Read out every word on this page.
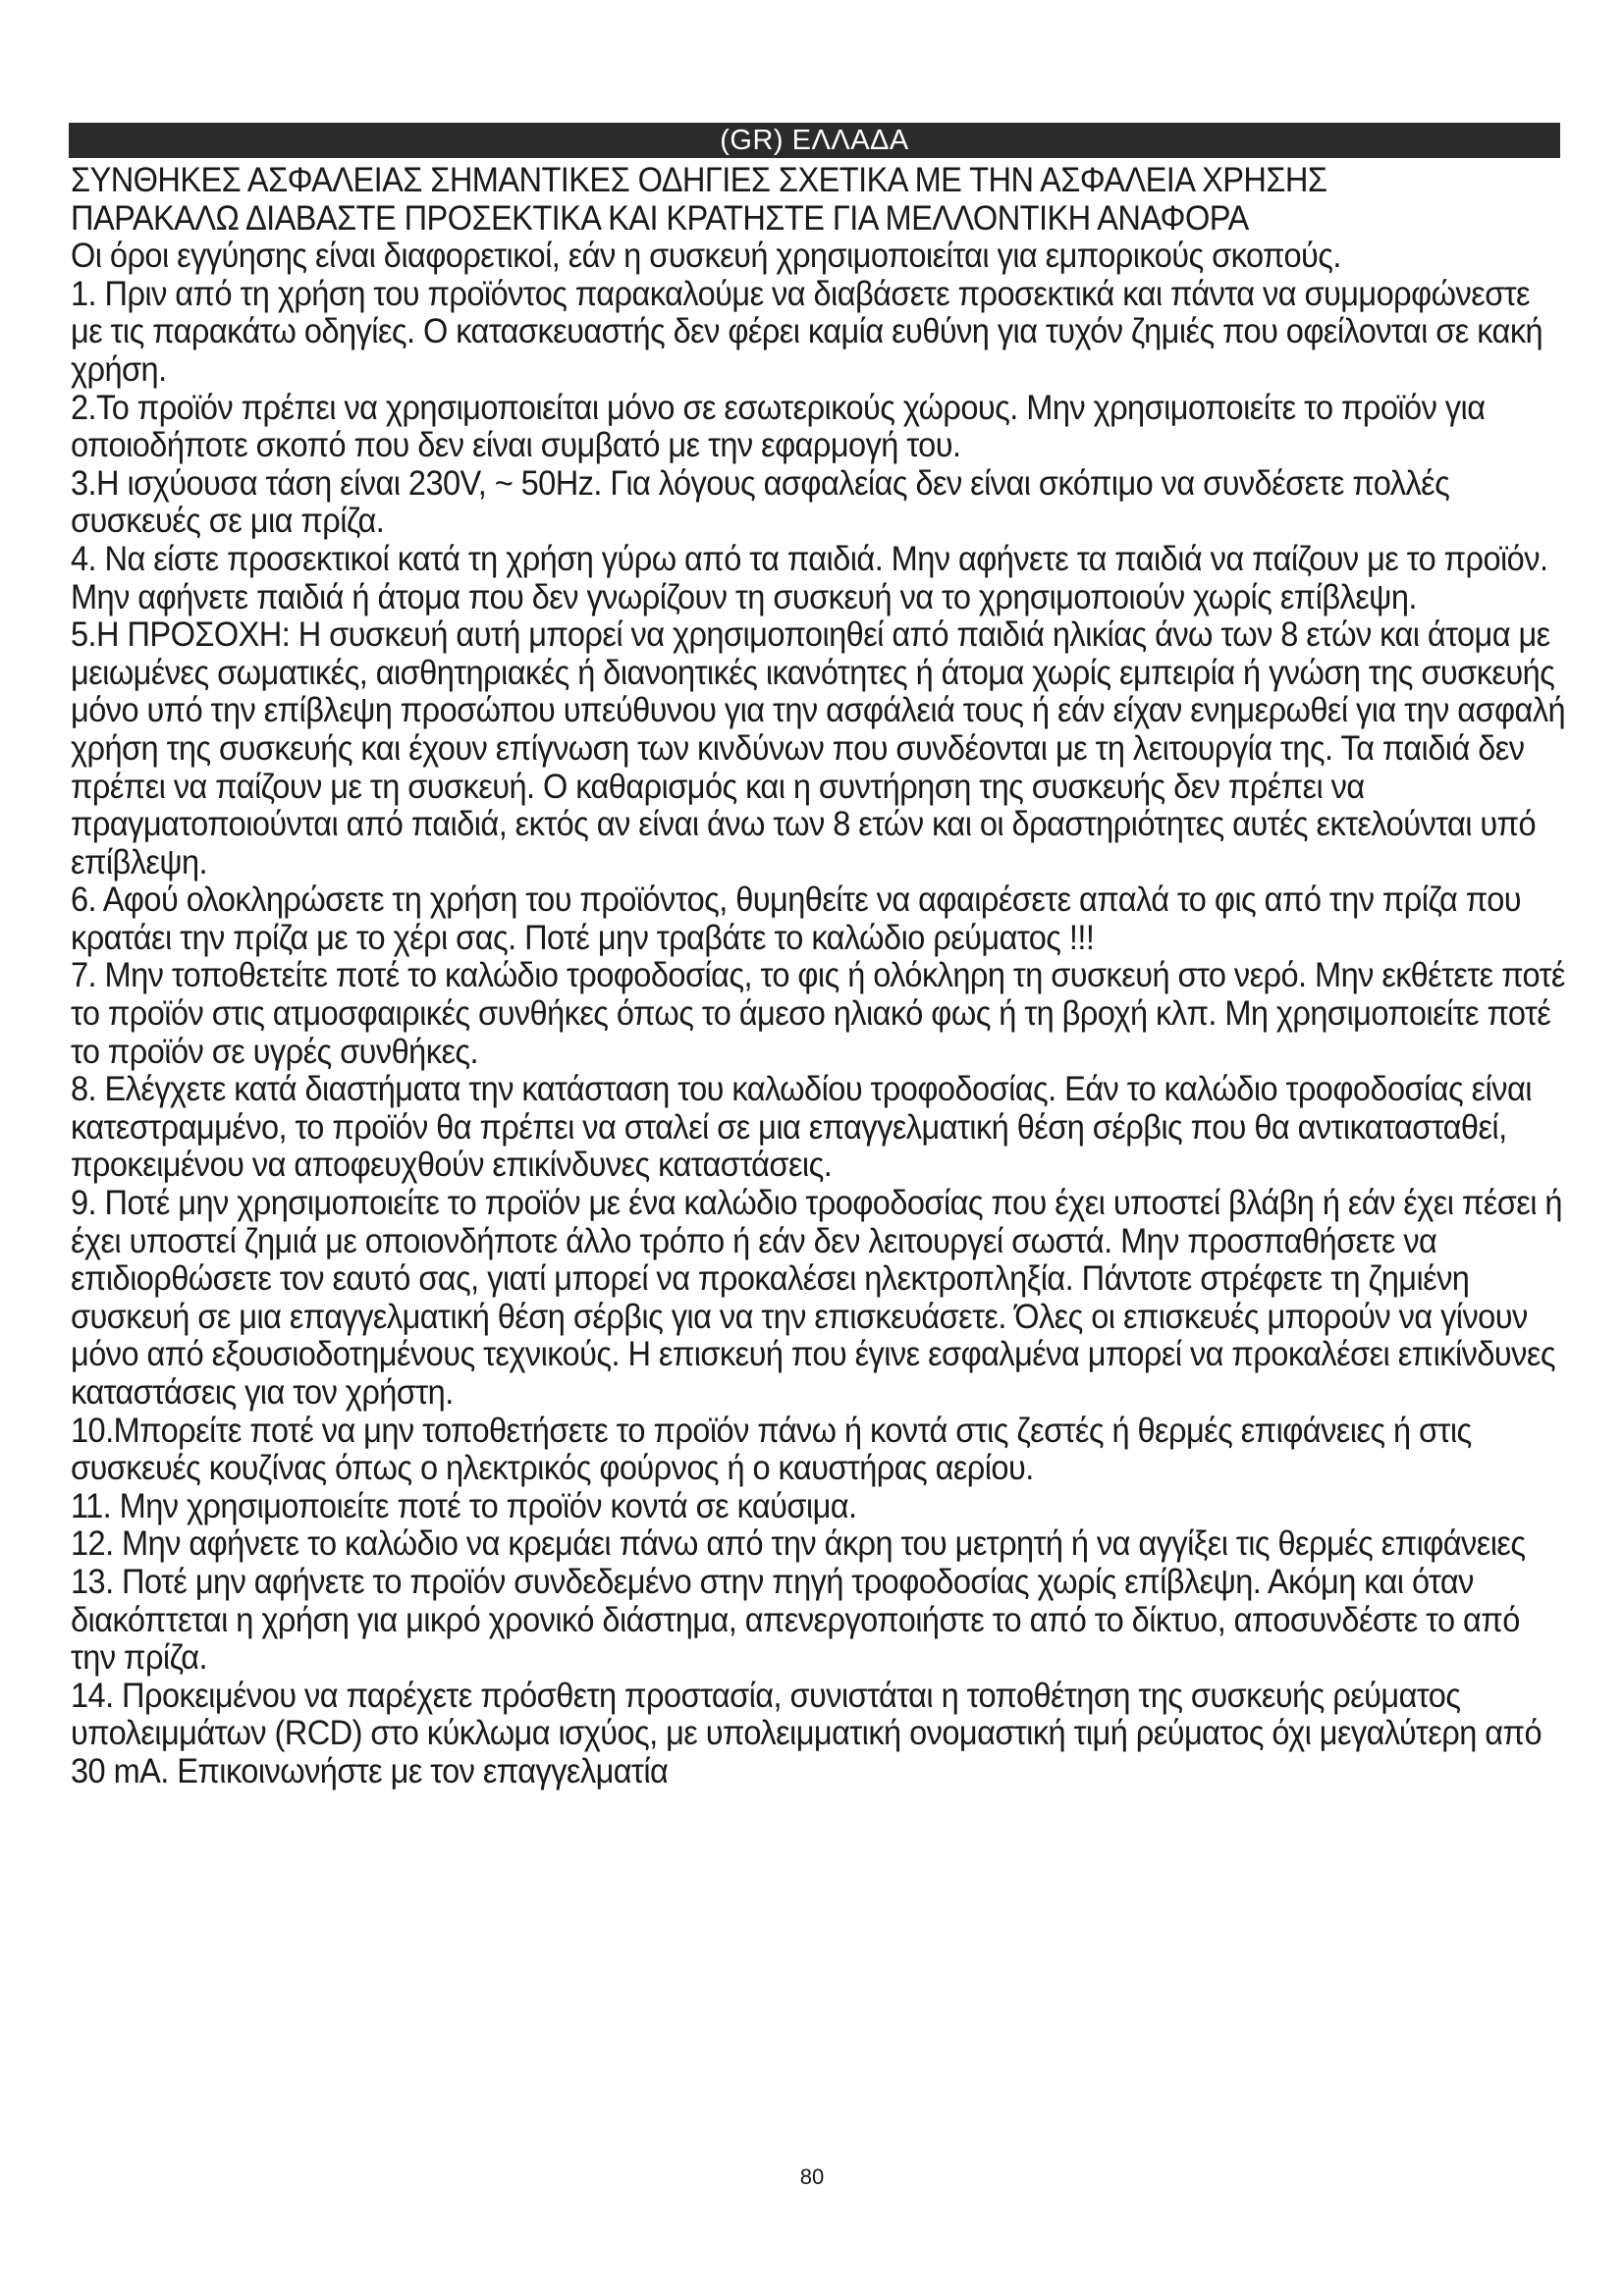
(GR) ΕΛΛΑΔΑ

ΣΥΝΘΗΚΕΣ ΑΣΦΑΛΕΙΑΣ ΣΗΜΑΝΤΙΚΕΣ ΟΔΗΓΙΕΣ ΣΧΕΤΙΚΑ ΜΕ ΤΗΝ ΑΣΦΑΛΕΙΑ ΧΡΗΣΗΣ

ΠΑΡΑΚΑΛΩ ΔΙΑΒΑΣΤΕ ΠΡΟΣΕΚΤΙΚΑ ΚΑΙ ΚΡΑΤΗΣΤΕ ΓΙΑ ΜΕΛΛΟΝΤΙΚΗ ΑΝΑΦΟΡΑ

Οι όροι εγγύησης είναι διαφορετικοί, εάν η συσκευή χρησιμοποιείται για εμπορικούς σκοπούς.

1. Πριν από τη χρήση του προϊόντος παρακαλούμε να διαβάσετε προσεκτικά και πάντα να συμμορφώνεστε με τις παρακάτω οδηγίες. Ο κατασκευαστής δεν φέρει καμία ευθύνη για τυχόν ζημιές που οφείλονται σε κακή χρήση.

2.Το προϊόν πρέπει να χρησιμοποιείται μόνο σε εσωτερικούς χώρους. Μην χρησιμοποιείτε το προϊόν για οποιοδήποτε σκοπό που δεν είναι συμβατό με την εφαρμογή του.

3.Η ισχύουσα τάση είναι 230V, ~ 50Hz. Για λόγους ασφαλείας δεν είναι σκόπιμο να συνδέσετε πολλές συσκευές σε μια πρίζα.

4. Να είστε προσεκτικοί κατά τη χρήση γύρω από τα παιδιά. Μην αφήνετε τα παιδιά να παίζουν με το προϊόν. Μην αφήνετε παιδιά ή άτομα που δεν γνωρίζουν τη συσκευή να το χρησιμοποιούν χωρίς επίβλεψη.

5.Η ΠΡΟΣΟΧΗ: Η συσκευή αυτή μπορεί να χρησιμοποιηθεί από παιδιά ηλικίας άνω των 8 ετών και άτομα με μειωμένες σωματικές, αισθητηριακές ή διανοητικές ικανότητες ή άτομα χωρίς εμπειρία ή γνώση της συσκευής μόνο υπό την επίβλεψη προσώπου υπεύθυνου για την ασφάλειά τους ή εάν είχαν ενημερωθεί για την ασφαλή χρήση της συσκευής και έχουν επίγνωση των κινδύνων που συνδέονται με τη λειτουργία της. Τα παιδιά δεν πρέπει να παίζουν με τη συσκευή. Ο καθαρισμός και η συντήρηση της συσκευής δεν πρέπει να πραγματοποιούνται από παιδιά, εκτός αν είναι άνω των 8 ετών και οι δραστηριότητες αυτές εκτελούνται υπό επίβλεψη.

6. Αφού ολοκληρώσετε τη χρήση του προϊόντος, θυμηθείτε να αφαιρέσετε απαλά το φις από την πρίζα που κρατάει την πρίζα με το χέρι σας. Ποτέ μην τραβάτε το καλώδιο ρεύματος !!!

7. Μην τοποθετείτε ποτέ το καλώδιο τροφοδοσίας, το φις ή ολόκληρη τη συσκευή στο νερό. Μην εκθέτετε ποτέ το προϊόν στις ατμοσφαιρικές συνθήκες όπως το άμεσο ηλιακό φως ή τη βροχή κλπ. Μη χρησιμοποιείτε ποτέ το προϊόν σε υγρές συνθήκες.

8. Ελέγχετε κατά διαστήματα την κατάσταση του καλωδίου τροφοδοσίας. Εάν το καλώδιο τροφοδοσίας είναι κατεστραμμένο, το προϊόν θα πρέπει να σταλεί σε μια επαγγελματική θέση σέρβις που θα αντικατασταθεί, προκειμένου να αποφευχθούν επικίνδυνες καταστάσεις.

9. Ποτέ μην χρησιμοποιείτε το προϊόν με ένα καλώδιο τροφοδοσίας που έχει υποστεί βλάβη ή εάν έχει πέσει ή έχει υποστεί ζημιά με οποιονδήποτε άλλο τρόπο ή εάν δεν λειτουργεί σωστά. Μην προσπαθήσετε να επιδιορθώσετε τον εαυτό σας, γιατί μπορεί να προκαλέσει ηλεκτροπληξία. Πάντοτε στρέφετε τη ζημιένη συσκευή σε μια επαγγελματική θέση σέρβις για να την επισκευάσετε. Όλες οι επισκευές μπορούν να γίνουν μόνο από εξουσιοδοτημένους τεχνικούς. Η επισκευή που έγινε εσφαλμένα μπορεί να προκαλέσει επικίνδυνες καταστάσεις για τον χρήστη.

10.Μπορείτε ποτέ να μην τοποθετήσετε το προϊόν πάνω ή κοντά στις ζεστές ή θερμές επιφάνειες ή στις συσκευές κουζίνας όπως ο ηλεκτρικός φούρνος ή ο καυστήρας αερίου.

11. Μην χρησιμοποιείτε ποτέ το προϊόν κοντά σε καύσιμα.

12. Μην αφήνετε το καλώδιο να κρεμάει πάνω από την άκρη του μετρητή ή να αγγίξει τις θερμές επιφάνειες

13. Ποτέ μην αφήνετε το προϊόν συνδεδεμένο στην πηγή τροφοδοσίας χωρίς επίβλεψη. Ακόμη και όταν διακόπτεται η χρήση για μικρό χρονικό διάστημα, απενεργοποιήστε το από το δίκτυο, αποσυνδέστε το από την πρίζα.

14. Προκειμένου να παρέχετε πρόσθετη προστασία, συνιστάται η τοποθέτηση της συσκευής ρεύματος υπολειμμάτων (RCD) στο κύκλωμα ισχύος, με υπολειμματική ονομαστική τιμή ρεύματος όχι μεγαλύτερη από 30 mA. Επικοινωνήστε με τον επαγγελματία

80
